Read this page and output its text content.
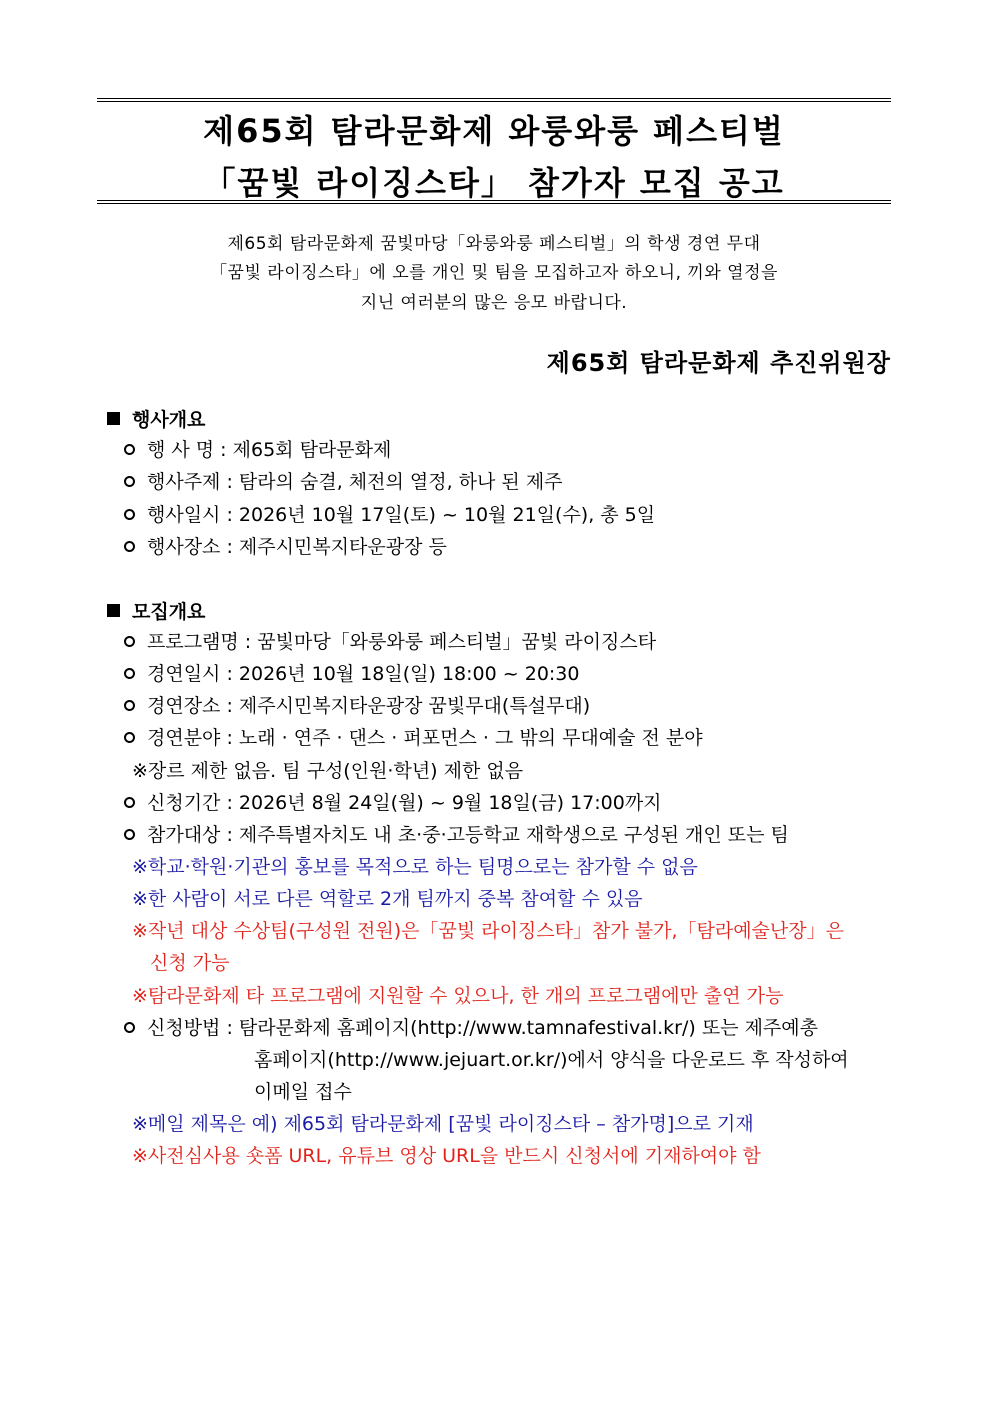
제65회 탐라문화제 와룽와룽 페스티벌
「꿈빛 라이징스타」 참가자 모집 공고
제65회 탐라문화제 꿈빛마당「와룽와룽 페스티벌」의 학생 경연 무대
「꿈빛 라이징스타」에 오를 개인 및 팀을 모집하고자 하오니, 끼와 열정을
지닌 여러분의 많은 응모 바랍니다.
제65회 탐라문화제 추진위원장
행사개요
행 사 명 : 제65회 탐라문화제
행사주제 : 탐라의 숨결, 체전의 열정, 하나 된 제주
행사일시 : 2026년 10월 17일(토) ~ 10월 21일(수), 총 5일
행사장소 : 제주시민복지타운광장 등
모집개요
프로그램명 : 꿈빛마당「와룽와룽 페스티벌」꿈빛 라이징스타
경연일시 : 2026년 10월 18일(일) 18:00 ~ 20:30
경연장소 : 제주시민복지타운광장 꿈빛무대(특설무대)
경연분야 : 노래 · 연주 · 댄스 · 퍼포먼스 · 그 밖의 무대예술 전 분야
※장르 제한 없음. 팀 구성(인원·학년) 제한 없음
신청기간 : 2026년 8월 24일(월) ~ 9월 18일(금) 17:00까지
참가대상 : 제주특별자치도 내 초·중·고등학교 재학생으로 구성된 개인 또는 팀
※학교·학원·기관의 홍보를 목적으로 하는 팀명으로는 참가할 수 없음
※한 사람이 서로 다른 역할로 2개 팀까지 중복 참여할 수 있음
※작년 대상 수상팀(구성원 전원)은「꿈빛 라이징스타」참가 불가,「탐라예술난장」은
신청 가능
※탐라문화제 타 프로그램에 지원할 수 있으나, 한 개의 프로그램에만 출연 가능
신청방법 : 탐라문화제 홈페이지(http://www.tamnafestival.kr/) 또는 제주예총
홈페이지(http://www.jejuart.or.kr/)에서 양식을 다운로드 후 작성하여
이메일 접수
※메일 제목은 예) 제65회 탐라문화제 [꿈빛 라이징스타 – 참가명]으로 기재
※사전심사용 숏폼 URL, 유튜브 영상 URL을 반드시 신청서에 기재하여야 함
